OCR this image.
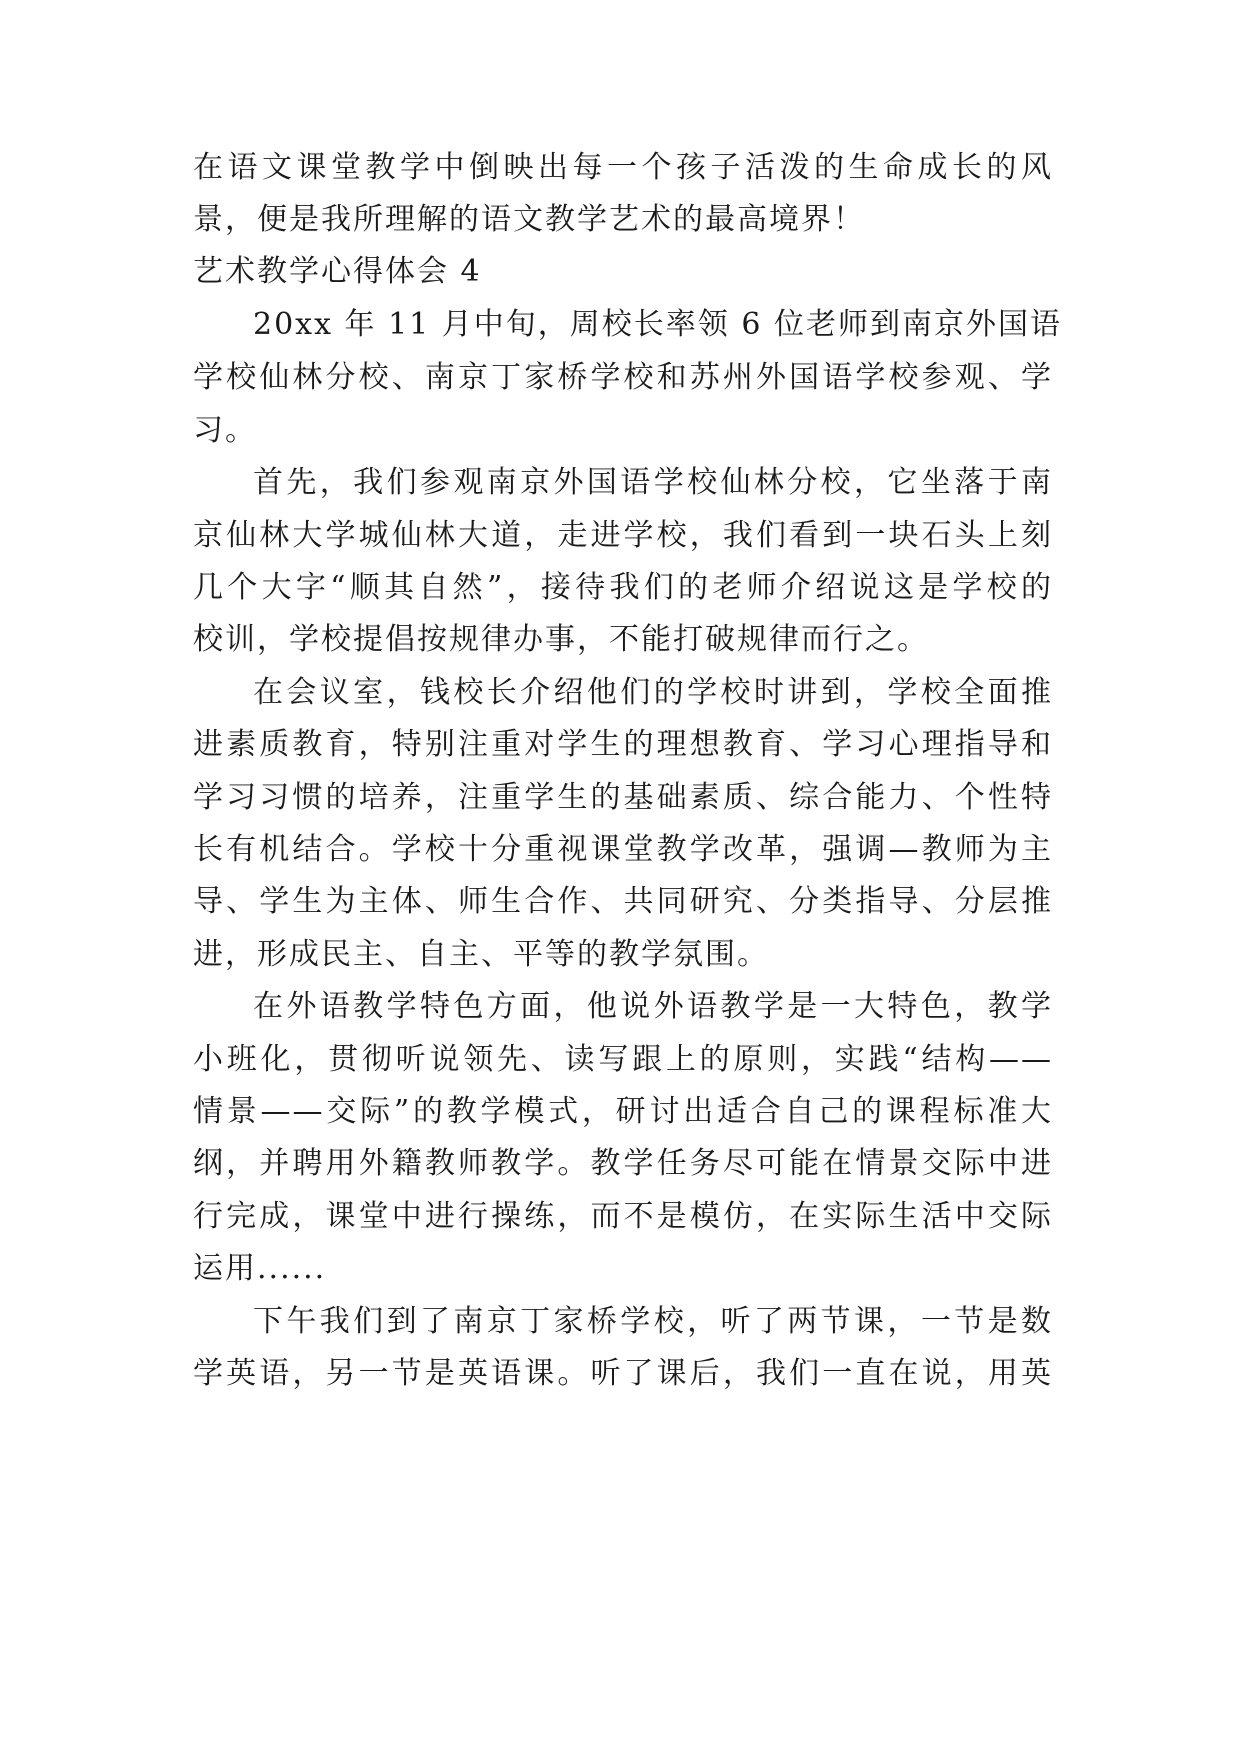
在语文课堂教学中倒映出每一个孩子活泼的生命成长的风
景，便是我所理解的语文教学艺术的最高境界！
艺术教学心得体会 4
20xx 年 11 月中旬，周校长率领 6 位老师到南京外国语
学校仙林分校、南京丁家桥学校和苏州外国语学校参观、学
习。
首先，我们参观南京外国语学校仙林分校，它坐落于南
京仙林大学城仙林大道，走进学校，我们看到一块石头上刻
几个大字“顺其自然”，接待我们的老师介绍说这是学校的
校训，学校提倡按规律办事，不能打破规律而行之。
在会议室，钱校长介绍他们的学校时讲到，学校全面推
进素质教育，特别注重对学生的理想教育、学习心理指导和
学习习惯的培养，注重学生的基础素质、综合能力、个性特
长有机结合。学校十分重视课堂教学改革，强调—教师为主
导、学生为主体、师生合作、共同研究、分类指导、分层推
进，形成民主、自主、平等的教学氛围。
在外语教学特色方面，他说外语教学是一大特色，教学
小班化，贯彻听说领先、读写跟上的原则，实践“结构——
情景——交际”的教学模式，研讨出适合自己的课程标准大
纲，并聘用外籍教师教学。教学任务尽可能在情景交际中进
行完成，课堂中进行操练，而不是模仿，在实际生活中交际
运用......
下午我们到了南京丁家桥学校，听了两节课，一节是数
学英语，另一节是英语课。听了课后，我们一直在说，用英
